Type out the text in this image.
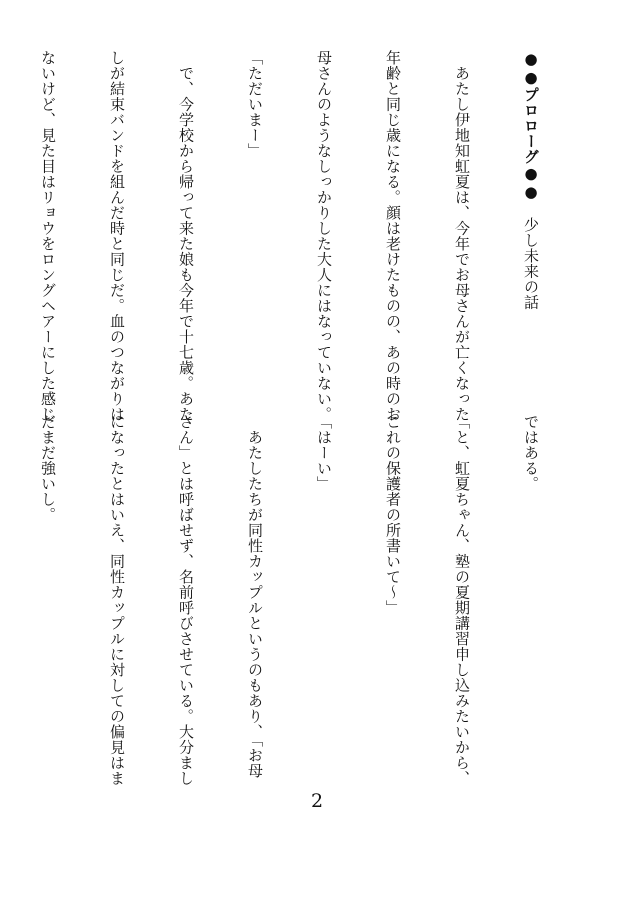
●●プロローグ●●　少し未来の話

　あたし伊地知虹夏は、今年でお母さんが亡くなった

年齢と同じ歳になる。顔は老けたものの、あの時のお

母さんのようなしっかりした大人にはなっていない。

「ただいまー」

　で、今学校から帰って来た娘も今年で十七歳。あた

しが結束バンドを組んだ時と同じだ。血のつながりは

ないけど、見た目はリョウをロングヘアーにした感じ

ではある。

「と、虹夏ちゃん、塾の夏期講習申し込みたいから、

これの保護者の所書いて～」

「はーい」

　あたしたちが同性カップルというのもあり、「お母

さん」とは呼ばせず、名前呼びさせている。大分まし

になったとはいえ、同性カップルに対しての偏見はま

だまだ強いし。

2
